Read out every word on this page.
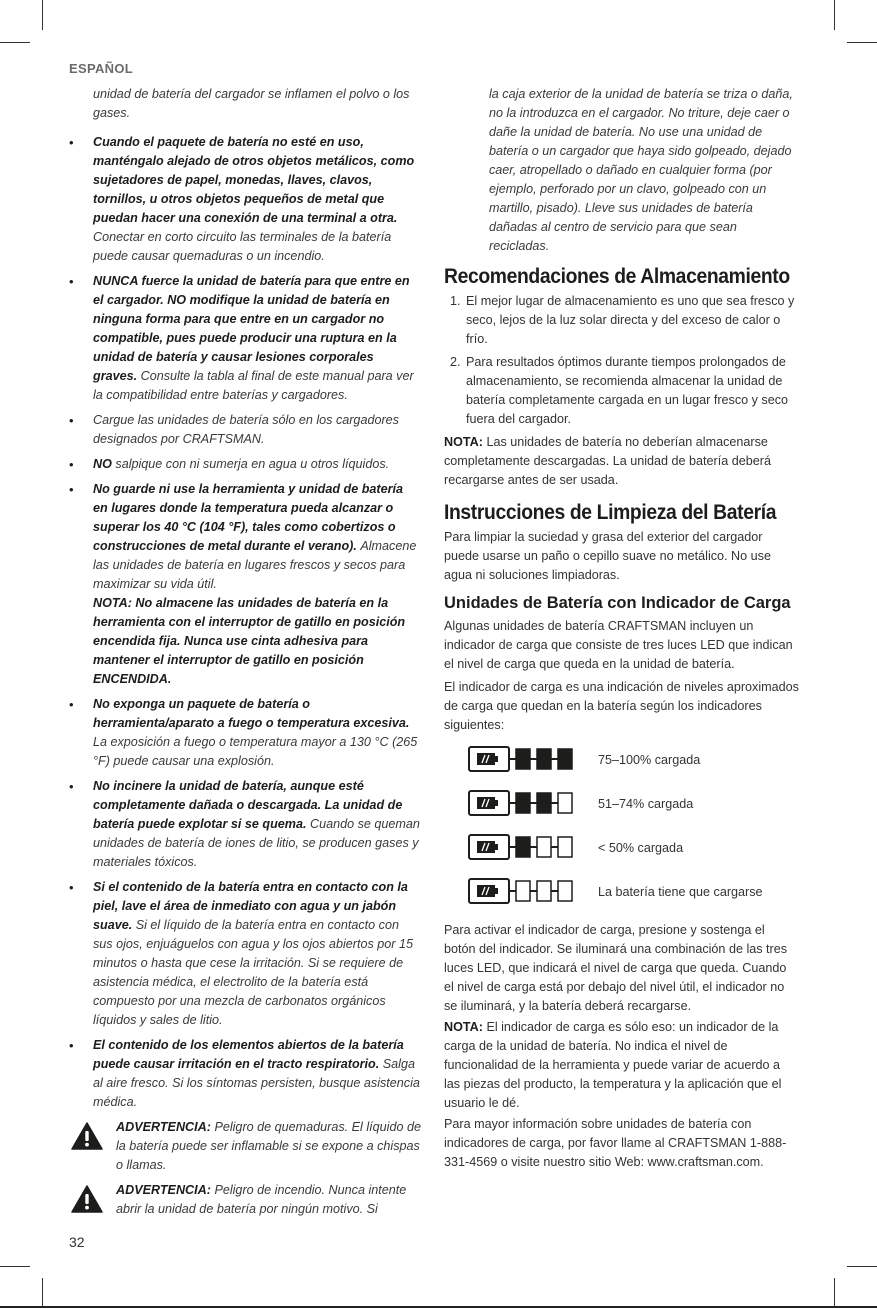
ESPAÑOL

unidad de batería del cargador se inflamen el polvo o los gases.

• Cuando el paquete de batería no esté en uso, manténgalo alejado de otros objetos metálicos, como sujetadores de papel, monedas, llaves, clavos, tornillos, u otros objetos pequeños de metal que puedan hacer una conexión de una terminal a otra. Conectar en corto circuito las terminales de la batería puede causar quemaduras o un incendio.
• NUNCA fuerce la unidad de batería para que entre en el cargador. NO modifique la unidad de batería en ninguna forma para que entre en un cargador no compatible, pues puede producir una ruptura en la unidad de batería y causar lesiones corporales graves. Consulte la tabla al final de este manual para ver la compatibilidad entre baterías y cargadores.
• Cargue las unidades de batería sólo en los cargadores designados por CRAFTSMAN.
• NO salpique con ni sumerja en agua u otros líquidos.
• No guarde ni use la herramienta y unidad de batería en lugares donde la temperatura pueda alcanzar o superar los 40 °C (104 °F), tales como cobertizos o construcciones de metal durante el verano). Almacene las unidades de batería en lugares frescos y secos para maximizar su vida útil.
NOTA: No almacene las unidades de batería en la herramienta con el interruptor de gatillo en posición encendida fija. Nunca use cinta adhesiva para mantener el interruptor de gatillo en posición ENCENDIDA.
• No exponga un paquete de batería o herramienta/aparato a fuego o temperatura excesiva. La exposición a fuego o temperatura mayor a 130 °C (265 °F) puede causar una explosión.
• No incinere la unidad de batería, aunque esté completamente dañada o descargada. La unidad de batería puede explotar si se quema. Cuando se queman unidades de batería de iones de litio, se producen gases y materiales tóxicos.
• Si el contenido de la batería entra en contacto con la piel, lave el área de inmediato con agua y un jabón suave. Si el líquido de la batería entra en contacto con sus ojos, enjuáguelos con agua y los ojos abiertos por 15 minutos o hasta que cese la irritación. Si se requiere de asistencia médica, el electrolito de la batería está compuesto por una mezcla de carbonatos orgánicos líquidos y sales de litio.
• El contenido de los elementos abiertos de la batería puede causar irritación en el tracto respiratorio. Salga al aire fresco. Si los síntomas persisten, busque asistencia médica.
ADVERTENCIA: Peligro de quemaduras. El líquido de la batería puede ser inflamable si se expone a chispas o llamas.
ADVERTENCIA: Peligro de incendio. Nunca intente abrir la unidad de batería por ningún motivo. Si

la caja exterior de la unidad de batería se triza o daña, no la introduzca en el cargador. No triture, deje caer o dañe la unidad de batería. No use una unidad de batería o un cargador que haya sido golpeado, dejado caer, atropellado o dañado en cualquier forma (por ejemplo, perforado por un clavo, golpeado con un martillo, pisado). Lleve sus unidades de batería dañadas al centro de servicio para que sean recicladas.

Recomendaciones de Almacenamiento
1. El mejor lugar de almacenamiento es uno que sea fresco y seco, lejos de la luz solar directa y del exceso de calor o frío.
2. Para resultados óptimos durante tiempos prolongados de almacenamiento, se recomienda almacenar la unidad de batería completamente cargada en un lugar fresco y seco fuera del cargador.

NOTA: Las unidades de batería no deberían almacenarse completamente descargadas. La unidad de batería deberá recargarse antes de ser usada.

Instrucciones de Limpieza del Batería

Para limpiar la suciedad y grasa del exterior del cargador puede usarse un paño o cepillo suave no metálico. No use agua ni soluciones limpiadoras.

Unidades de Batería con Indicador de Carga

Algunas unidades de batería CRAFTSMAN incluyen un indicador de carga que consiste de tres luces LED que indican el nivel de carga que queda en la unidad de batería.

El indicador de carga es una indicación de niveles aproximados de carga que quedan en la batería según los indicadores siguientes:

75–100% cargada
51–74% cargada
< 50% cargada
La batería tiene que cargarse

Para activar el indicador de carga, presione y sostenga el botón del indicador. Se iluminará una combinación de las tres luces LED, que indicará el nivel de carga que queda. Cuando el nivel de carga está por debajo del nivel útil, el indicador no se iluminará, y la batería deberá recargarse.

NOTA: El indicador de carga es sólo eso: un indicador de la carga de la unidad de batería. No indica el nivel de funcionalidad de la herramienta y puede variar de acuerdo a las piezas del producto, la temperatura y la aplicación que el usuario le dé.

Para mayor información sobre unidades de batería con indicadores de carga, por favor llame al CRAFTSMAN 1-888-331-4569 o visite nuestro sitio Web: www.craftsman.com.

32
